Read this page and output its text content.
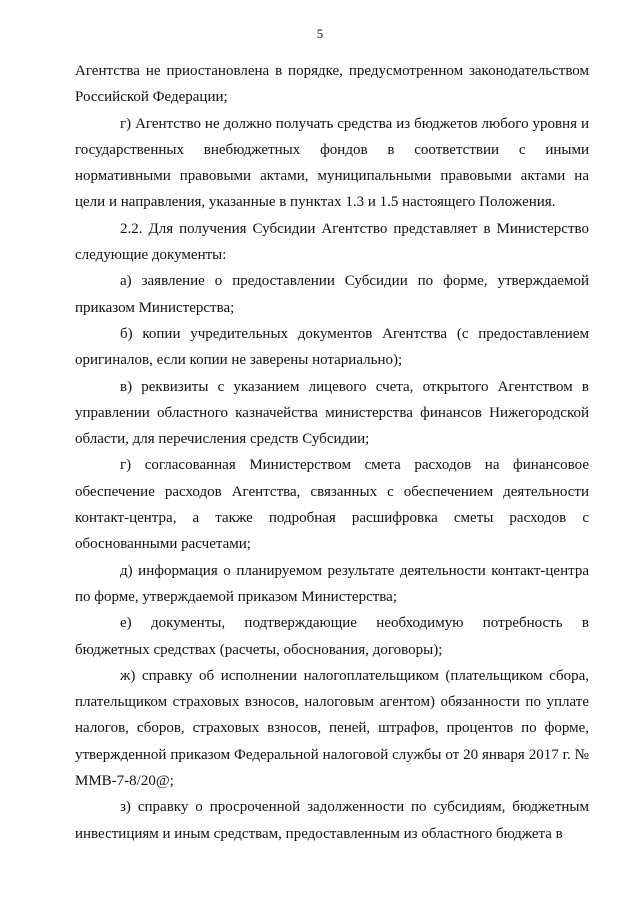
5

Агентства не приостановлена в порядке, предусмотренном законодательством Российской Федерации;

г) Агентство не должно получать средства из бюджетов любого уровня и государственных внебюджетных фондов в соответствии с иными нормативными правовыми актами, муниципальными правовыми актами на цели и направления, указанные в пунктах 1.3 и 1.5 настоящего Положения.

2.2. Для получения Субсидии Агентство представляет в Министерство следующие документы:

а) заявление о предоставлении Субсидии по форме, утверждаемой приказом Министерства;

б) копии учредительных документов Агентства (с предоставлением оригиналов, если копии не заверены нотариально);

в) реквизиты с указанием лицевого счета, открытого Агентством в управлении областного казначейства министерства финансов Нижегородской области, для перечисления средств Субсидии;

г) согласованная Министерством смета расходов на финансовое обеспечение расходов Агентства, связанных с обеспечением деятельности контакт-центра, а также подробная расшифровка сметы расходов с обоснованными расчетами;

д) информация о планируемом результате деятельности контакт-центра по форме, утверждаемой приказом Министерства;

е) документы, подтверждающие необходимую потребность в бюджетных средствах (расчеты, обоснования, договоры);

ж) справку об исполнении налогоплательщиком (плательщиком сбора, плательщиком страховых взносов, налоговым агентом) обязанности по уплате налогов, сборов, страховых взносов, пеней, штрафов, процентов по форме, утвержденной приказом Федеральной налоговой службы от 20 января 2017 г. № ММВ-7-8/20@;

з) справку о просроченной задолженности по субсидиям, бюджетным инвестициям и иным средствам, предоставленным из областного бюджета в
